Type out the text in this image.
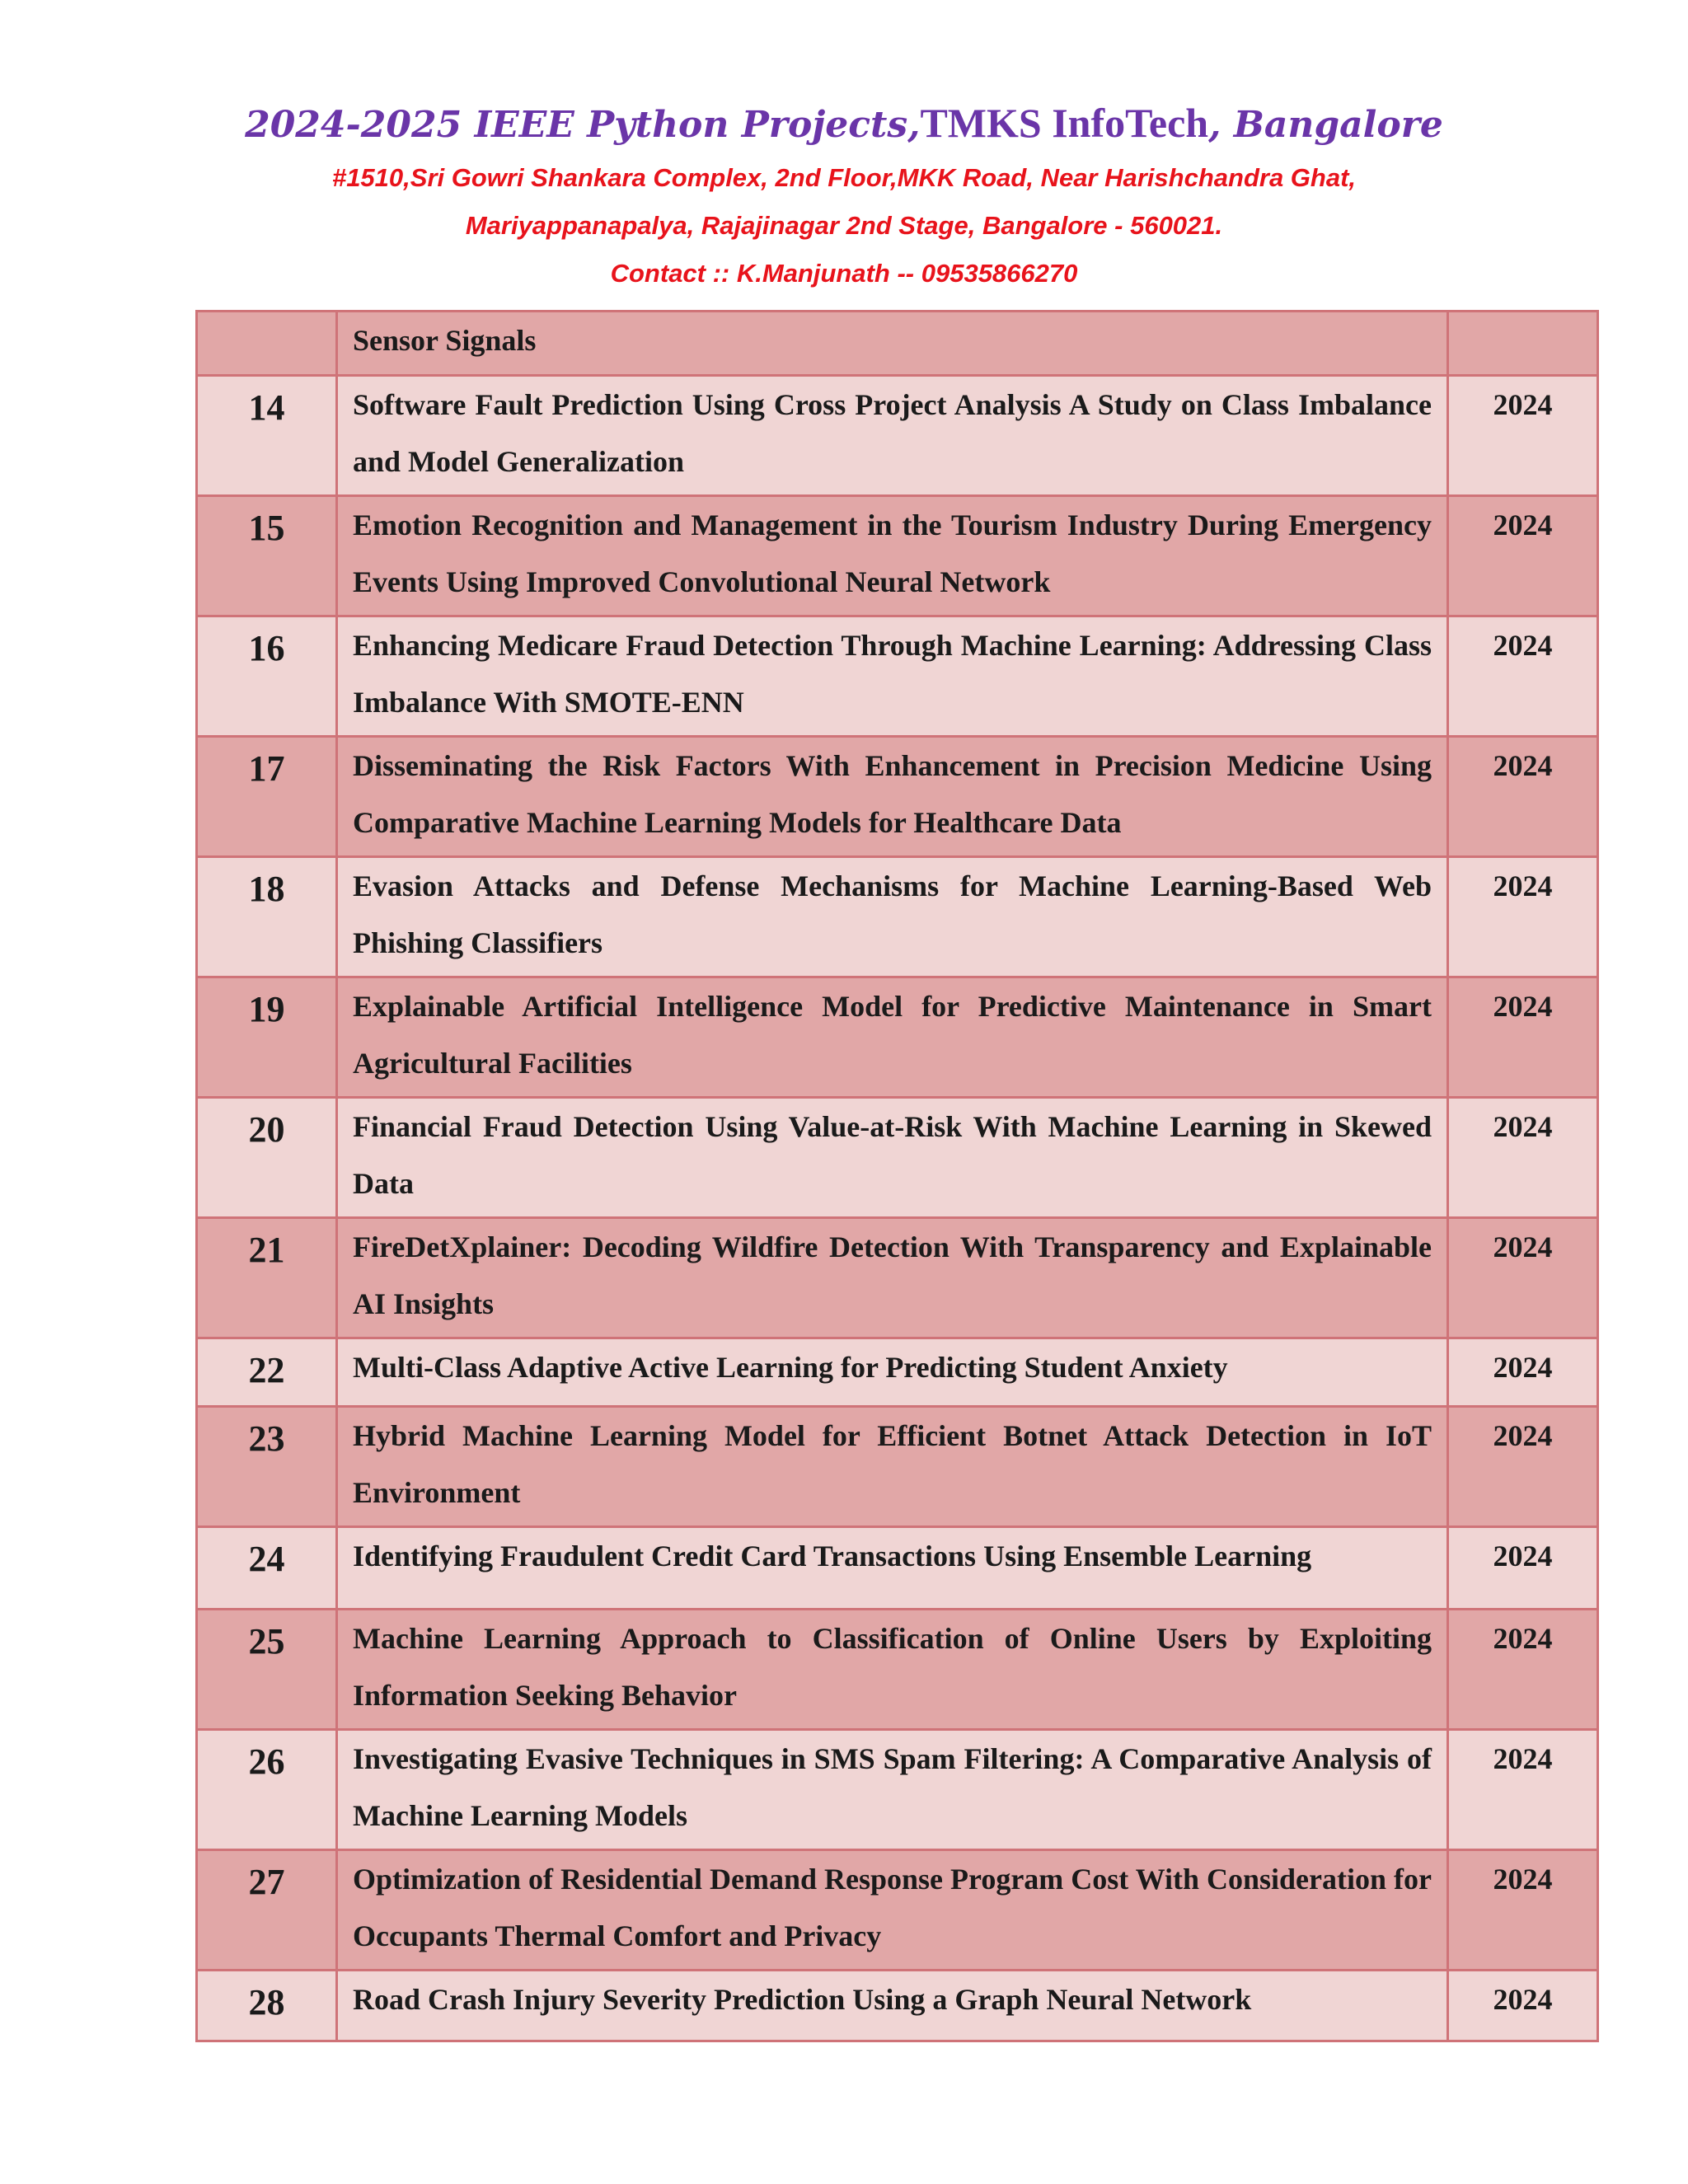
2024-2025 IEEE Python Projects,TMKS InfoTech, Bangalore

#1510,Sri Gowri Shankara Complex, 2nd Floor,MKK Road, Near Harishchandra Ghat,

Mariyappanapalya, Rajajinagar 2nd Stage, Bangalore - 560021.

Contact :: K.Manjunath -- 09535866270

	Sensor Signals	
14	Software Fault Prediction Using Cross Project Analysis A Study on Class Imbalance and Model Generalization	2024
15	Emotion Recognition and Management in the Tourism Industry During Emergency Events Using Improved Convolutional Neural Network	2024
16	Enhancing Medicare Fraud Detection Through Machine Learning: Addressing Class Imbalance With SMOTE-ENN	2024
17	Disseminating the Risk Factors With Enhancement in Precision Medicine Using Comparative Machine Learning Models for Healthcare Data	2024
18	Evasion Attacks and Defense Mechanisms for Machine Learning-Based Web Phishing Classifiers	2024
19	Explainable Artificial Intelligence Model for Predictive Maintenance in Smart Agricultural Facilities	2024
20	Financial Fraud Detection Using Value-at-Risk With Machine Learning in Skewed Data	2024
21	FireDetXplainer: Decoding Wildfire Detection With Transparency and Explainable AI Insights	2024
22	Multi-Class Adaptive Active Learning for Predicting Student Anxiety	2024
23	Hybrid Machine Learning Model for Efficient Botnet Attack Detection in IoT Environment	2024
24	Identifying Fraudulent Credit Card Transactions Using Ensemble Learning	2024
25	Machine Learning Approach to Classification of Online Users by Exploiting Information Seeking Behavior	2024
26	Investigating Evasive Techniques in SMS Spam Filtering: A Comparative Analysis of Machine Learning Models	2024
27	Optimization of Residential Demand Response Program Cost With Consideration for Occupants Thermal Comfort and Privacy	2024
28	Road Crash Injury Severity Prediction Using a Graph Neural Network	2024
